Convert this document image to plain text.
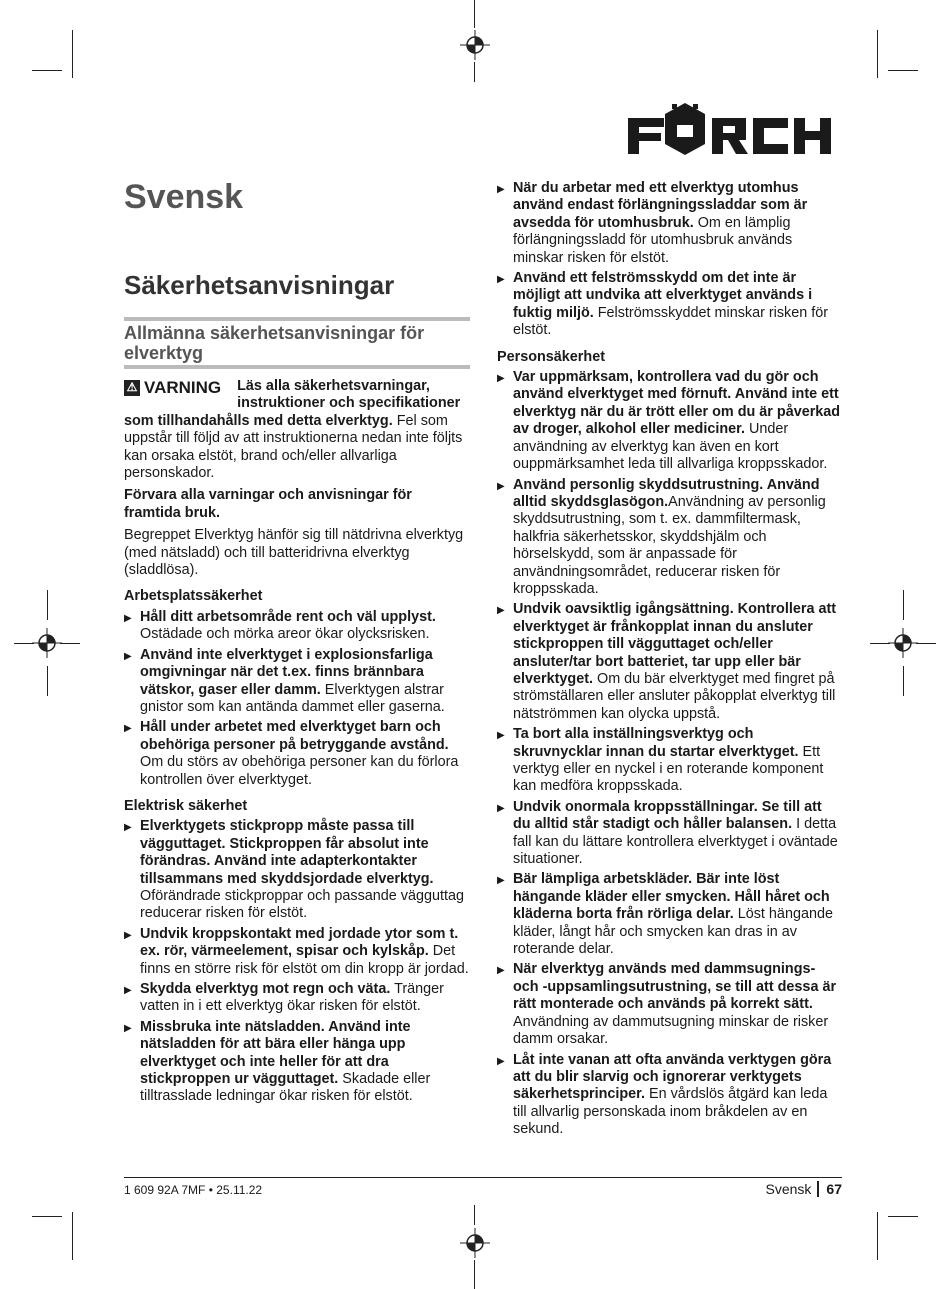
Svensk
Säkerhetsanvisningar
Allmänna säkerhetsanvisningar för elverktyg
⚠ VARNING	Läs alla säkerhetsvarningar, instruktioner och specifikationer som tillhandahålls med detta elverktyg. Fel som uppstår till följd av att instruktionerna nedan inte följts kan orsaka elstöt, brand och/eller allvarliga personskador.

Förvara alla varningar och anvisningar för framtida bruk.

Begreppet Elverktyg hänför sig till nätdrivna elverktyg (med nätsladd) och till batteridrivna elverktyg (sladdlösa).

Arbetsplatssäkerhet

▶ Håll ditt arbetsområde rent och väl upplyst. Ostädade och mörka areor ökar olycksrisken.

▶ Använd inte elverktyget i explosionsfarliga omgivningar när det t.ex. finns brännbara vätskor, gaser eller damm. Elverktygen alstrar gnistor som kan antända dammet eller gaserna.

▶ Håll under arbetet med elverktyget barn och obehöriga personer på betryggande avstånd. Om du störs av obehöriga personer kan du förlora kontrollen över elverktyget.

Elektrisk säkerhet

▶ Elverktygets stickpropp måste passa till vägguttaget. Stickproppen får absolut inte förändras. Använd inte adapterkontakter tillsammans med skyddsjordade elverktyg. Oförändrade stickproppar och passande vägguttag reducerar risken för elstöt.

▶ Undvik kroppskontakt med jordade ytor som t. ex. rör, värmeelement, spisar och kylskåp. Det finns en större risk för elstöt om din kropp är jordad.

▶ Skydda elverktyg mot regn och väta. Tränger vatten in i ett elverktyg ökar risken för elstöt.

▶ Missbruka inte nätsladden. Använd inte nätsladden för att bära eller hänga upp elverktyget och inte heller för att dra stickproppen ur vägguttaget. Skadade eller tilltrasslade ledningar ökar risken för elstöt.

▶ När du arbetar med ett elverktyg utomhus använd endast förlängningssladdar som är avsedda för utomhusbruk. Om en lämplig förlängningssladd för utomhusbruk används minskar risken för elstöt.

▶ Använd ett felströmsskydd om det inte är möjligt att undvika att elverktyget används i fuktig miljö. Felströmsskyddet minskar risken för elstöt.

Personsäkerhet

▶ Var uppmärksam, kontrollera vad du gör och använd elverktyget med förnuft. Använd inte ett elverktyg när du är trött eller om du är påverkad av droger, alkohol eller mediciner. Under användning av elverktyg kan även en kort ouppmärksamhet leda till allvarliga kroppsskador.

▶ Använd personlig skyddsutrustning. Använd alltid skyddsglasögon.Användning av personlig skyddsutrustning, som t. ex. dammfiltermask, halkfria säkerhetsskor, skyddshjälm och hörselskydd, som är anpassade för användningsområdet, reducerar risken för kroppsskada.

▶ Undvik oavsiktlig igångsättning. Kontrollera att elverktyget är frånkopplat innan du ansluter stickproppen till vägguttaget och/eller ansluter/tar bort batteriet, tar upp eller bär elverktyget. Om du bär elverktyget med fingret på strömställaren eller ansluter påkopplat elverktyg till nätströmmen kan olycka uppstå.

▶ Ta bort alla inställningsverktyg och skruvnycklar innan du startar elverktyget. Ett verktyg eller en nyckel i en roterande komponent kan medföra kroppsskada.

▶ Undvik onormala kroppsställningar. Se till att du alltid står stadigt och håller balansen. I detta fall kan du lättare kontrollera elverktyget i oväntade situationer.

▶ Bär lämpliga arbetskläder. Bär inte löst hängande kläder eller smycken. Håll håret och kläderna borta från rörliga delar. Löst hängande kläder, långt hår och smycken kan dras in av roterande delar.

▶ När elverktyg används med dammsugnings- och -uppsamlingsutrustning, se till att dessa är rätt monterade och används på korrekt sätt. Användning av dammutsugning minskar de risker damm orsakar.

▶ Låt inte vanan att ofta använda verktygen göra att du blir slarvig och ignorerar verktygets säkerhetsprinciper. En vårdslös åtgärd kan leda till allvarlig personskada inom bråkdelen av en sekund.

1 609 92A 7MF • 25.11.22	Svensk 67
